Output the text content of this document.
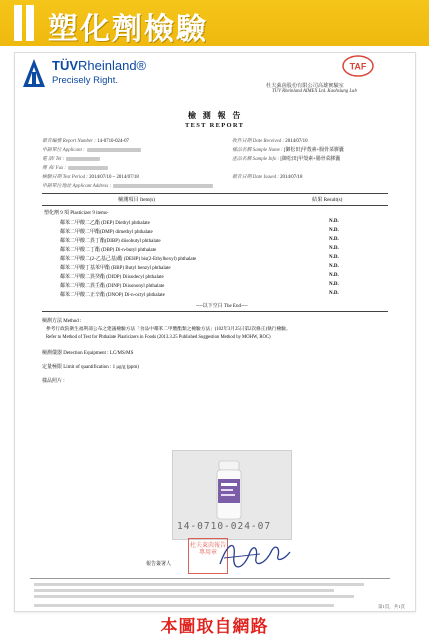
塑化劑檢驗
TÜVRheinland®
Precisely Right.
TAF
杜夫萊茵股份有限公司高雄實驗室
TÜV Rheinland AIMEX Ltd. Kaohsiung Lab
檢 測 報 告
TEST REPORT
報告編號 Report Number : 14-0710-024-07	收件日期 Date Received : 2014/07/10
申請單位 Applicant :	樣品名稱 Sample Name : [御松田]甲殼素+腸骨菜膠囊
電 話/ Tel :	產品名稱 Sample Info : [御松田]甲殼素+腸骨菜膠囊
傳 真/ Fax :
檢驗日期 Test Period : 2014/07/10 ~ 2014/07/18	報告日期 Date Issued : 2014/07/18
申請單位地址 Applicant Address :
檢測項目 Item(s)	結果 Result(s)
塑化劑 9 項 Plasticizer 9 items-
鄰苯二甲酸二乙酯 (DEP) Diethyl phthalate	N.D.
鄰苯二甲酸二甲酯(DMP) dimethyl phthalate	N.D.
鄰苯二甲酸二異丁酯(DIBP) diisobutyl phthalate	N.D.
鄰苯二甲酸二丁酯 (DBP) Di-n-butyl phthalate	N.D.
鄰苯二甲酸二(2-乙基己基)酯 (DEHP) bis(2-Ethylhexyl) phthalate	N.D.
鄰苯二甲酸丁基苯甲酯 (BBP) Butyl benzyl phthalate	N.D.
鄰苯二甲酸二異癸酯 (DIDP) Diisodecyl phthalate	N.D.
鄰苯二甲酸二異壬酯 (DINP) Diisononyl phthalate	N.D.
鄰苯二甲酸二正辛酯 (DNOP) Di-n-octyl phthalate	N.D.
----以下空白 The End----
檢測方法 Method :
參考行政院衛生福利部公布之建議檢驗方法「食品中鄰苯二甲酸酯類之檢驗方法」(102年3月25日第2次修正)執行檢驗。
Refer to Method of Test for Phthalate Plasticizers in Foods (2013.3.25 Published Suggestion Method by MOHW, ROC)
檢測儀器 Detection Equipment : LC/MS/MS
定量極限 Limit of quantification : 1 μg/g (ppm)
樣品照片 :
14-0710-024-07
報告簽署人
杜夫萊茵報告專用章
第1頁，共1頁
本圖取自網路
